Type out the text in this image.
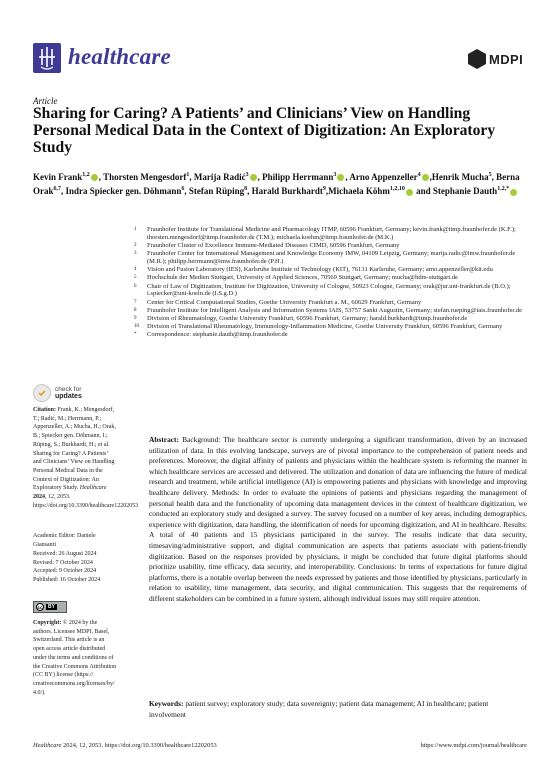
healthcare	MDPI
Article
Sharing for Caring? A Patients’ and Clinicians’ View on Handling Personal Medical Data in the Context of Digitization: An Exploratory Study
Kevin Frank$^{1,2}$ , Thorsten Mengesdorf$^1$, Marija Radić$^3$ , Philipp Herrmann$^3$ , Arno Appenzeller$^4$ ,Henrik Mucha$^5$, Berna Orak$^{6,7}$, Indra Spiecker gen. Döhmann$^6$, Stefan Rüping$^8$, Harald Burkhardt$^9$,Michaela Köhm$^{1,2,10}$ and Stephanie Dauth$^{1,2,*}$
1 Fraunhofer Institute for Translational Medicine and Pharmacology ITMP, 60596 Frankfurt, Germany; kevin.frank@itmp.fraunhofer.de (K.F.); thorsten.mengesdorf@itmp.fraunhofer.de (T.M.); michaela.koehm@itmp.fraunhofer.de (M.K.)
2 Fraunhofer Cluster of Excellence Immune-Mediated Diseases CIMD, 60596 Frankfurt, Germany
3 Fraunhofer Center for International Management and Knowledge Economy IMW, 04109 Leipzig, Germany; marija.radic@imw.fraunhofer.de (M.R.); philipp.herrmann@imw.fraunhofer.de (P.H.)
4 Vision and Fusion Laboratory (IES), Karlsruhe Institute of Technology (KIT), 76131 Karlsruhe, Germany; arno.appenzeller@kit.edu
5 Hochschule der Medien Stuttgart, University of Applied Sciences, 70569 Stuttgart, Germany; mucha@hdm-stuttgart.de
6 Chair of Law of Digitization, Institute for Digitization, University of Cologne, 50923 Cologne, Germany; orak@jur.uni-frankfurt.de (B.O.); i.spiecker@uni-koeln.de (I.S.g.D.)
7 Center for Critical Computational Studies, Goethe University Frankfurt a. M., 60629 Frankfurt, Germany
8 Fraunhofer Institute for Intelligent Analysis and Information Systems IAIS, 53757 Sankt Augustin, Germany; stefan.rueping@iais.fraunhofer.de
9 Division of Rheumatology, Goethe University Frankfurt, 60596 Frankfurt, Germany; harald.burkhardt@itmp.fraunhofer.de
10 Division of Translational Rheumatology, Immunology-Inflammation Medicine, Goethe University Frankfurt, 60596 Frankfurt, Germany
* Correspondence: stephanie.dauth@itmp.fraunhofer.de
check for
updates
Citation: Frank, K.; Mengesdorf, T.; Radić, M.; Herrmann, P.; Appenzeller, A.; Mucha, H.; Orak, B.; Spiecker gen. Döhmann, I.; Rüping, S.; Burkhardt, H.; et al. Sharing for Caring? A Patients’ and Clinicians’ View on Handling Personal Medical Data in the Context of Digitization: An Exploratory Study. Healthcare 2024, 12, 2053. https://doi.org/10.3390/healthcare12202053
Academic Editor: Daniele Giansanti
Received: 26 August 2024
Revised: 7 October 2024
Accepted: 9 October 2024
Published: 16 October 2024
cc	BY
Copyright: © 2024 by the authors. Licensee MDPI, Basel, Switzerland. This article is an open access article distributed under the terms and conditions of the Creative Commons Attribution (CC BY) license (https:// creativecommons.org/licenses/by/ 4.0/).
Abstract: Background: The healthcare sector is currently undergoing a significant transformation, driven by an increased utilization of data. In this evolving landscape, surveys are of pivotal importance to the comprehension of patient needs and preferences. Moreover, the digital affinity of patients and physicians within the healthcare system is reforming the manner in which healthcare services are accessed and delivered. The utilization and donation of data are influencing the future of medical research and treatment, while artificial intelligence (AI) is empowering patients and physicians with knowledge and improving healthcare delivery. Methods: In order to evaluate the opinions of patients and physicians regarding the management of personal health data and the functionality of upcoming data management devices in the context of healthcare digitization, we conducted an exploratory study and designed a survey. The survey focused on a number of key areas, including demographics, experience with digitization, data handling, the identification of needs for upcoming digitization, and AI in healthcare. Results: A total of 40 patients and 15 physicians participated in the survey. The results indicate that data security, timesaving/administrative support, and digital communication are aspects that patients associate with patient-friendly digitization. Based on the responses provided by physicians, it might be concluded that future digital platforms should prioritize usability, time efficacy, data security, and interoperability. Conclusions: In terms of expectations for future digital platforms, there is a notable overlap between the needs expressed by patients and those identified by physicians, particularly in relation to usability, time management, data security, and digital communication. This suggests that the requirements of different stakeholders can be combined in a future system, although individual issues may still require attention.
Keywords: patient survey; exploratory study; data sovereignty; patient data management; AI in healthcare; patient involvement
Healthcare 2024, 12, 2053. https://doi.org/10.3390/healthcare12202053	https://www.mdpi.com/journal/healthcare
